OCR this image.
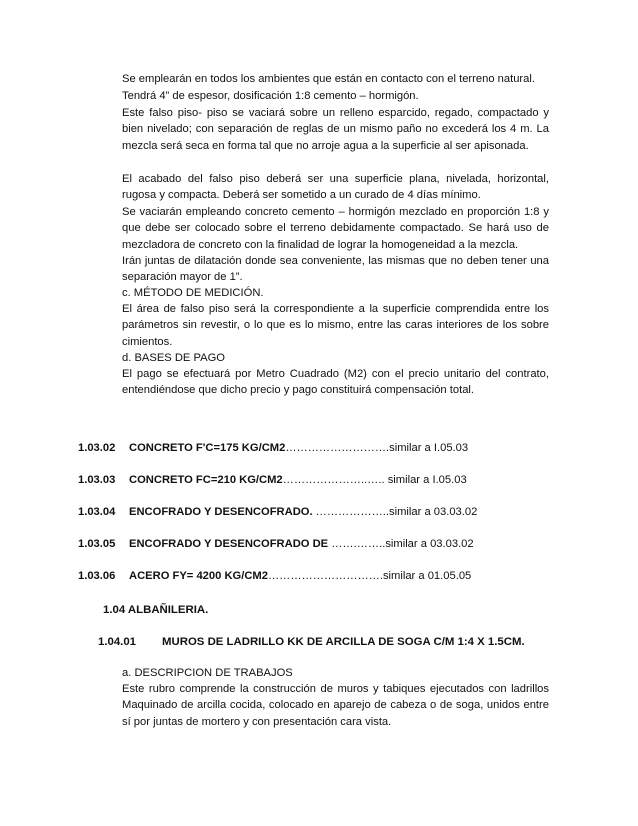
Se emplearán en todos los ambientes que están en contacto con el terreno natural.
Tendrá 4” de espesor, dosificación 1:8 cemento – hormigón.
Este falso piso- piso se vaciará sobre un relleno esparcido, regado, compactado y bien nivelado; con separación de reglas de un mismo paño no excederá los 4 m. La mezcla será seca en forma tal que no arroje agua a la superficie al ser apisonada.
El acabado del falso piso deberá ser una superficie plana, nivelada, horizontal, rugosa y compacta. Deberá ser sometido a un curado de 4 días mínimo.
Se vaciarán empleando concreto cemento – hormigón mezclado en proporción 1:8 y que debe ser colocado sobre el terreno debidamente compactado. Se hará uso de mezcladora de concreto con la finalidad de lograr la homogeneidad a la mezcla.
Irán juntas de dilatación donde sea conveniente, las mismas que no deben tener una separación mayor de 1”.
c. MÉTODO DE MEDICIÓN.
El área de falso piso será la correspondiente a la superficie comprendida entre los parámetros sin revestir, o lo que es lo mismo, entre las caras interiores de los sobre cimientos.
d. BASES DE PAGO
El pago se efectuará por Metro Cuadrado (M2) con el precio unitario del contrato, entendiéndose que dicho precio y pago constituirá compensación total.
1.03.02 CONCRETO F'C=175 KG/CM2……………………….similar a I.05.03
1.03.03 CONCRETO FC=210 KG/CM2…………………..….. similar a I.05.03
1.03.04 ENCOFRADO Y DESENCOFRADO. ………………..similar a 03.03.02
1.03.05 ENCOFRADO Y DESENCOFRADO DE …….……..similar a 03.03.02
1.03.06 ACERO FY= 4200 KG/CM2………………………….similar a 01.05.05
1.04 ALBAÑILERIA.
1.04.01 MUROS DE LADRILLO KK DE ARCILLA DE SOGA C/M 1:4 X 1.5CM.
a. DESCRIPCION DE TRABAJOS
Este rubro comprende la construcción de muros y tabiques ejecutados con ladrillos Maquinado de arcilla cocida, colocado en aparejo de cabeza o de soga, unidos entre sí por juntas de mortero y con presentación cara vista.
